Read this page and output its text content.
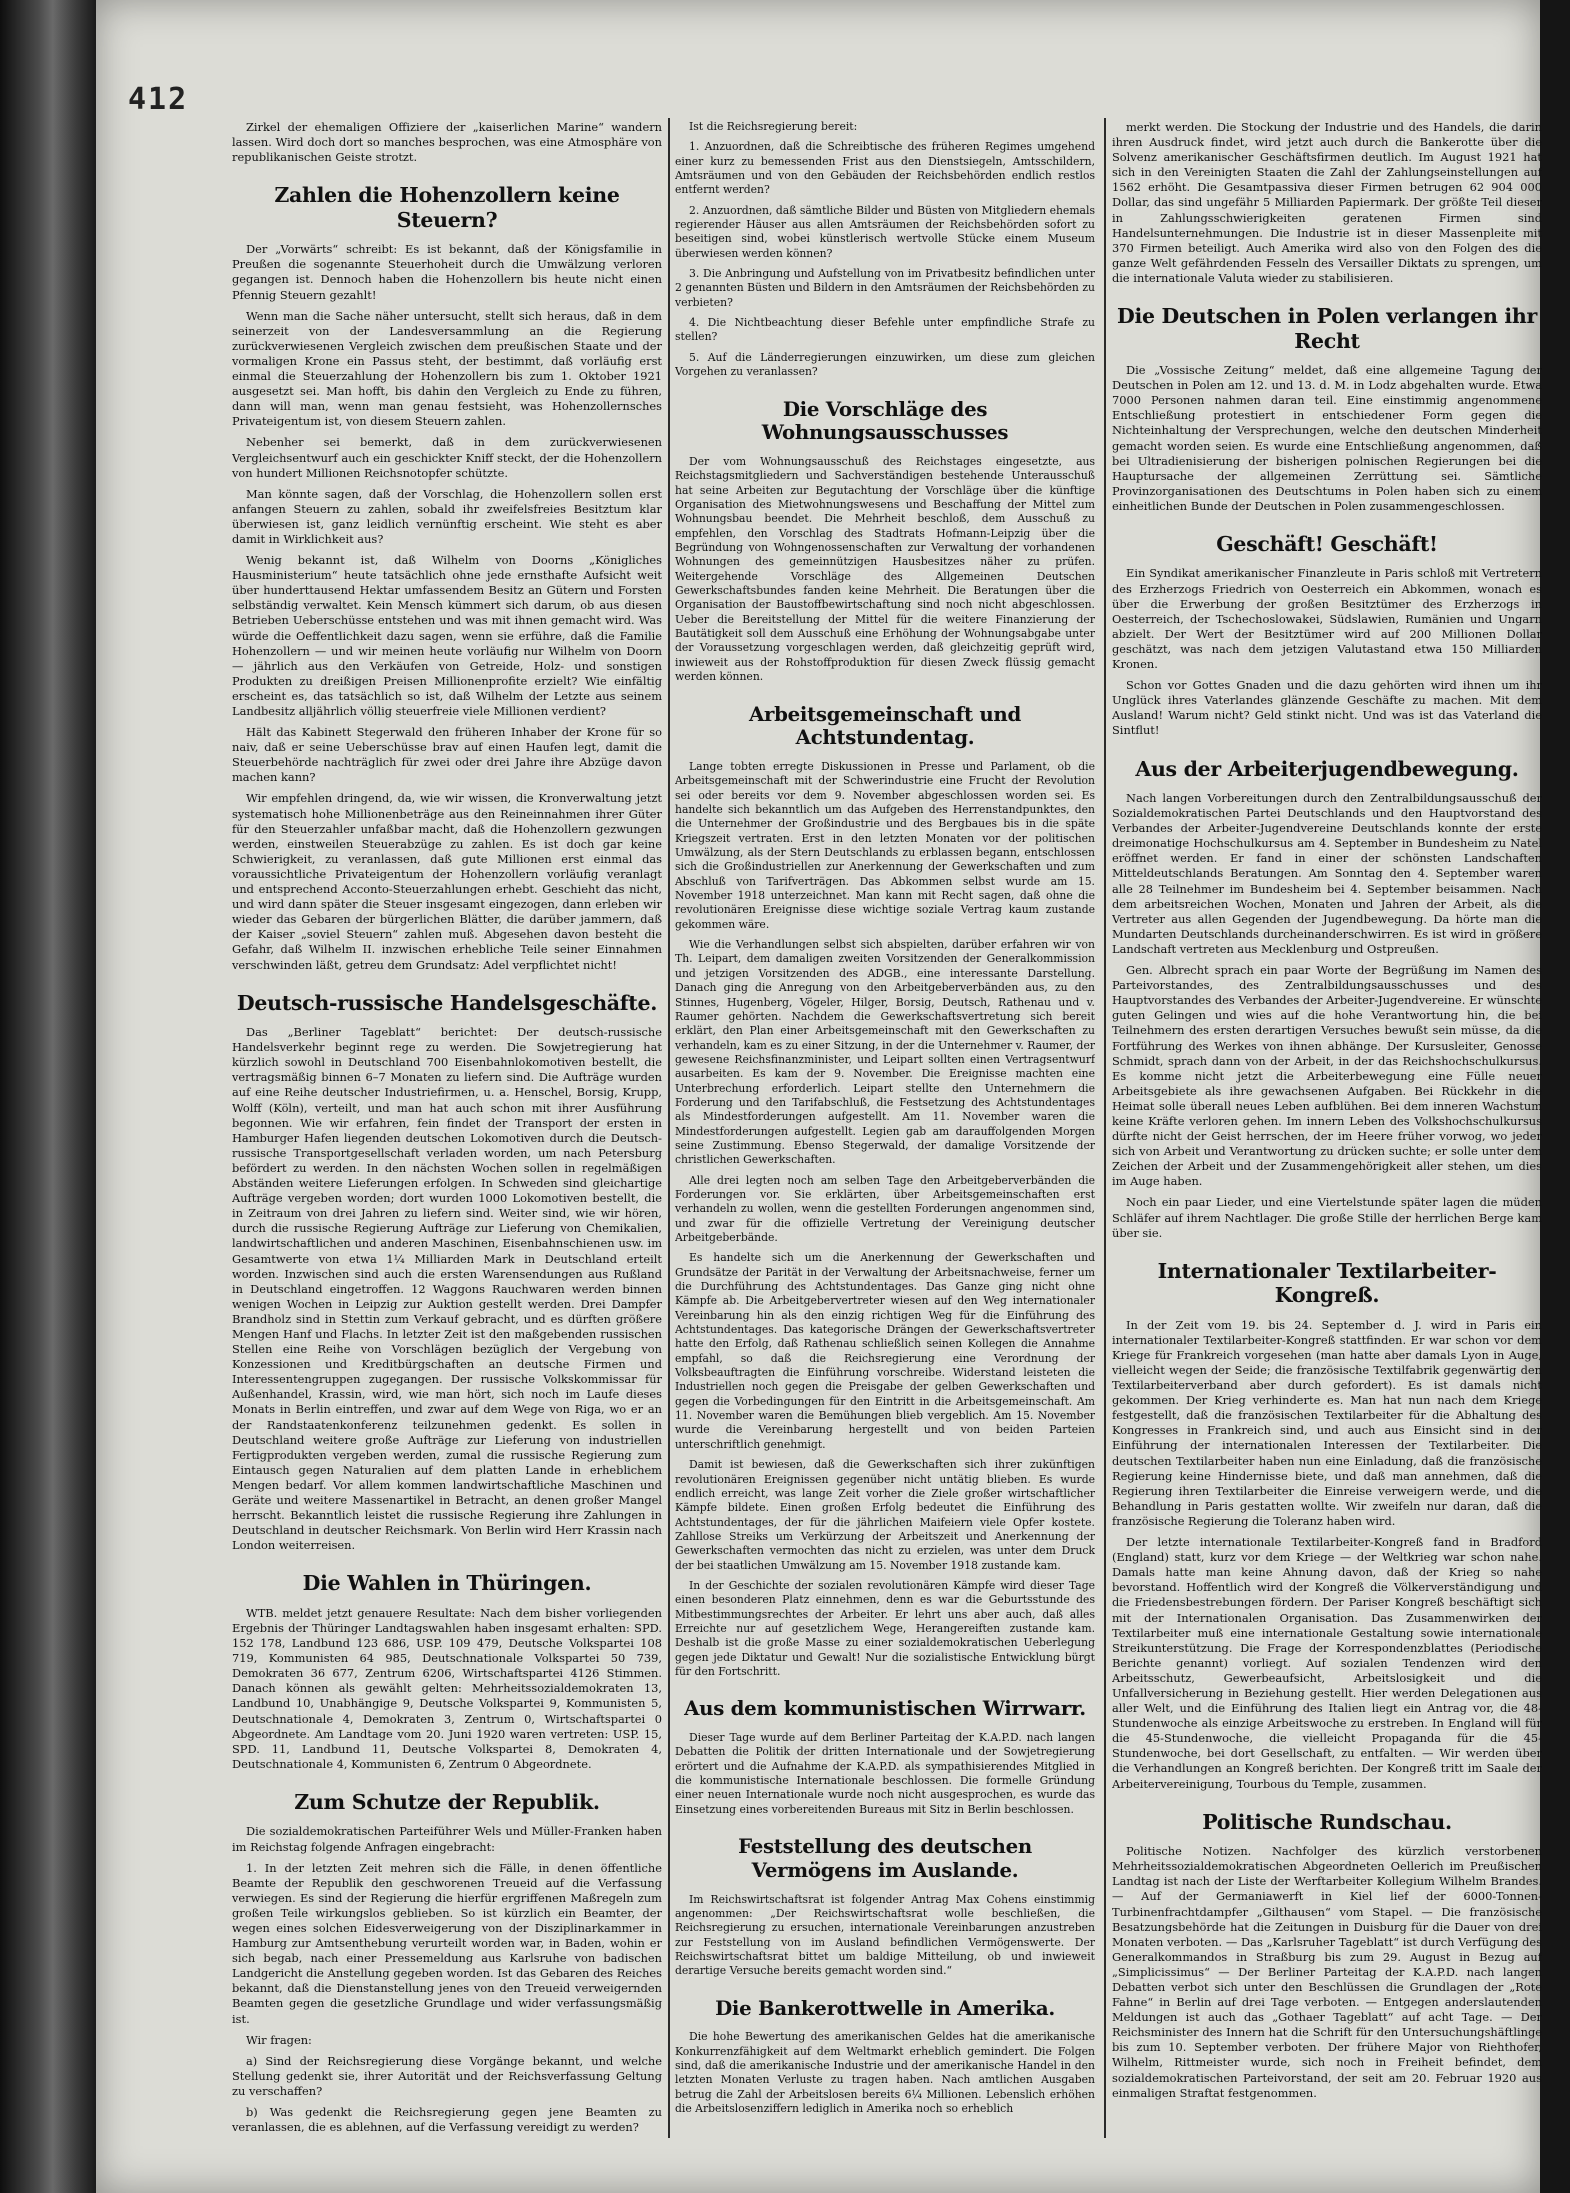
412
Zirkel der ehemaligen Offiziere der „kaiserlichen Marine“ wandern lassen. Wird doch dort so manches besprochen, was eine Atmosphäre von republikanischen Geiste strotzt.
Zahlen die Hohenzollern keine Steuern?
Der „Vorwärts“ schreibt: Es ist bekannt, daß der Königsfamilie in Preußen die sogenannte Steuerhoheit durch die Umwälzung verloren gegangen ist. Dennoch haben die Hohenzollern bis heute nicht einen Pfennig Steuern gezahlt!
Wenn man die Sache näher untersucht, stellt sich heraus, daß in dem seinerzeit von der Landesversammlung an die Regierung zurückverwiesenen Vergleich zwischen dem preußischen Staate und der vormaligen Krone ein Passus steht, der bestimmt, daß vorläufig erst einmal die Steuerzahlung der Hohenzollern bis zum 1. Oktober 1921 ausgesetzt sei. Man hofft, bis dahin den Vergleich zu Ende zu führen, dann will man, wenn man genau festsieht, was Hohenzollernsches Privateigentum ist, von diesem Steuern zahlen.
Nebenher sei bemerkt, daß in dem zurückverwiesenen Vergleichsentwurf auch ein geschickter Kniff steckt, der die Hohenzollern von hundert Millionen Reichsnotopfer schützte.
Man könnte sagen, daß der Vorschlag, die Hohenzollern sollen erst anfangen Steuern zu zahlen, sobald ihr zweifelsfreies Besitztum klar überwiesen ist, ganz leidlich vernünftig erscheint. Wie steht es aber damit in Wirklichkeit aus?
Wenig bekannt ist, daß Wilhelm von Doorns „Königliches Hausministerium“ heute tatsächlich ohne jede ernsthafte Aufsicht weit über hunderttausend Hektar umfassendem Besitz an Gütern und Forsten selbständig verwaltet. Kein Mensch kümmert sich darum, ob aus diesen Betrieben Ueberschüsse entstehen und was mit ihnen gemacht wird. Was würde die Oeffentlichkeit dazu sagen, wenn sie erführe, daß die Familie Hohenzollern — und wir meinen heute vorläufig nur Wilhelm von Doorn — jährlich aus den Verkäufen von Getreide, Holz- und sonstigen Produkten zu dreißigen Preisen Millionenprofite erzielt? Wie einfältig erscheint es, das tatsächlich so ist, daß Wilhelm der Letzte aus seinem Landbesitz alljährlich völlig steuerfreie viele Millionen verdient?
Hält das Kabinett Stegerwald den früheren Inhaber der Krone für so naiv, daß er seine Ueberschüsse brav auf einen Haufen legt, damit die Steuerbehörde nachträglich für zwei oder drei Jahre ihre Abzüge davon machen kann?
Wir empfehlen dringend, da, wie wir wissen, die Kronverwaltung jetzt systematisch hohe Millionenbeträge aus den Reineinnahmen ihrer Güter für den Steuerzahler unfaßbar macht, daß die Hohenzollern gezwungen werden, einstweilen Steuerabzüge zu zahlen. Es ist doch gar keine Schwierigkeit, zu veranlassen, daß gute Millionen erst einmal das voraussichtliche Privateigentum der Hohenzollern vorläufig veranlagt und entsprechend Acconto-Steuerzahlungen erhebt. Geschieht das nicht, und wird dann später die Steuer insgesamt eingezogen, dann erleben wir wieder das Gebaren der bürgerlichen Blätter, die darüber jammern, daß der Kaiser „soviel Steuern“ zahlen muß. Abgesehen davon besteht die Gefahr, daß Wilhelm II. inzwischen erhebliche Teile seiner Einnahmen verschwinden läßt, getreu dem Grundsatz: Adel verpflichtet nicht!
Deutsch-russische Handelsgeschäfte.
Das „Berliner Tageblatt“ berichtet: Der deutsch-russische Handelsverkehr beginnt rege zu werden. Die Sowjetregierung hat kürzlich sowohl in Deutschland 700 Eisenbahnlokomotiven bestellt, die vertragsmäßig binnen 6–7 Monaten zu liefern sind. Die Aufträge wurden auf eine Reihe deutscher Industriefirmen, u. a. Henschel, Borsig, Krupp, Wolff (Köln), verteilt, und man hat auch schon mit ihrer Ausführung begonnen. Wie wir erfahren, fein findet der Transport der ersten in Hamburger Hafen liegenden deutschen Lokomotiven durch die Deutsch-russische Transportgesellschaft verladen worden, um nach Petersburg befördert zu werden. In den nächsten Wochen sollen in regelmäßigen Abständen weitere Lieferungen erfolgen. In Schweden sind gleichartige Aufträge vergeben worden; dort wurden 1000 Lokomotiven bestellt, die in Zeitraum von drei Jahren zu liefern sind. Weiter sind, wie wir hören, durch die russische Regierung Aufträge zur Lieferung von Chemikalien, landwirtschaftlichen und anderen Maschinen, Eisenbahnschienen usw. im Gesamtwerte von etwa 1¼ Milliarden Mark in Deutschland erteilt worden. Inzwischen sind auch die ersten Warensendungen aus Rußland in Deutschland eingetroffen. 12 Waggons Rauchwaren werden binnen wenigen Wochen in Leipzig zur Auktion gestellt werden. Drei Dampfer Brandholz sind in Stettin zum Verkauf gebracht, und es dürften größere Mengen Hanf und Flachs. In letzter Zeit ist den maßgebenden russischen Stellen eine Reihe von Vorschlägen bezüglich der Vergebung von Konzessionen und Kreditbürgschaften an deutsche Firmen und Interessentengruppen zugegangen. Der russische Volkskommissar für Außenhandel, Krassin, wird, wie man hört, sich noch im Laufe dieses Monats in Berlin eintreffen, und zwar auf dem Wege von Riga, wo er an der Randstaatenkonferenz teilzunehmen gedenkt. Es sollen in Deutschland weitere große Aufträge zur Lieferung von industriellen Fertigprodukten vergeben werden, zumal die russische Regierung zum Eintausch gegen Naturalien auf dem platten Lande in erheblichem Mengen bedarf. Vor allem kommen landwirtschaftliche Maschinen und Geräte und weitere Massenartikel in Betracht, an denen großer Mangel herrscht. Bekanntlich leistet die russische Regierung ihre Zahlungen in Deutschland in deutscher Reichsmark. Von Berlin wird Herr Krassin nach London weiterreisen.
Die Wahlen in Thüringen.
WTB. meldet jetzt genauere Resultate: Nach dem bisher vorliegenden Ergebnis der Thüringer Landtagswahlen haben insgesamt erhalten: SPD. 152 178, Landbund 123 686, USP. 109 479, Deutsche Volkspartei 108 719, Kommunisten 64 985, Deutschnationale Volkspartei 50 739, Demokraten 36 677, Zentrum 6206, Wirtschaftspartei 4126 Stimmen. Danach können als gewählt gelten: Mehrheitssozialdemokraten 13, Landbund 10, Unabhängige 9, Deutsche Volkspartei 9, Kommunisten 5, Deutschnationale 4, Demokraten 3, Zentrum 0, Wirtschaftspartei 0 Abgeordnete. Am Landtage vom 20. Juni 1920 waren vertreten: USP. 15, SPD. 11, Landbund 11, Deutsche Volkspartei 8, Demokraten 4, Deutschnationale 4, Kommunisten 6, Zentrum 0 Abgeordnete.
Zum Schutze der Republik.
Die sozialdemokratischen Parteiführer Wels und Müller-Franken haben im Reichstag folgende Anfragen eingebracht:
1. In der letzten Zeit mehren sich die Fälle, in denen öffentliche Beamte der Republik den geschworenen Treueid auf die Verfassung verwiegen. Es sind der Regierung die hierfür ergriffenen Maßregeln zum großen Teile wirkungslos geblieben. So ist kürzlich ein Beamter, der wegen eines solchen Eidesverweigerung von der Disziplinarkammer in Hamburg zur Amtsenthebung verurteilt worden war, in Baden, wohin er sich begab, nach einer Pressemeldung aus Karlsruhe von badischen Landgericht die Anstellung gegeben worden. Ist das Gebaren des Reiches bekannt, daß die Dienstanstellung jenes von den Treueid verweigernden Beamten gegen die gesetzliche Grundlage und wider verfassungsmäßig ist.
Wir fragen:
a) Sind der Reichsregierung diese Vorgänge bekannt, und welche Stellung gedenkt sie, ihrer Autorität und der Reichsverfassung Geltung zu verschaffen?
b) Was gedenkt die Reichsregierung gegen jene Beamten zu veranlassen, die es ablehnen, auf die Verfassung vereidigt zu werden?
Ist die Reichsregierung bereit:
1. Anzuordnen, daß die Schreibtische des früheren Regimes umgehend einer kurz zu bemessenden Frist aus den Dienstsiegeln, Amtsschildern, Amtsräumen und von den Gebäuden der Reichsbehörden endlich restlos entfernt werden?
2. Anzuordnen, daß sämtliche Bilder und Büsten von Mitgliedern ehemals regierender Häuser aus allen Amtsräumen der Reichsbehörden sofort zu beseitigen sind, wobei künstlerisch wertvolle Stücke einem Museum überwiesen werden können?
3. Die Anbringung und Aufstellung von im Privatbesitz befindlichen unter 2 genannten Büsten und Bildern in den Amtsräumen der Reichsbehörden zu verbieten?
4. Die Nichtbeachtung dieser Befehle unter empfindliche Strafe zu stellen?
5. Auf die Länderregierungen einzuwirken, um diese zum gleichen Vorgehen zu veranlassen?
Die Vorschläge des Wohnungsausschusses
Der vom Wohnungsausschuß des Reichstages eingesetzte, aus Reichstagsmitgliedern und Sachverständigen bestehende Unterausschuß hat seine Arbeiten zur Begutachtung der Vorschläge über die künftige Organisation des Mietwohnungswesens und Beschaffung der Mittel zum Wohnungsbau beendet. Die Mehrheit beschloß, dem Ausschuß zu empfehlen, den Vorschlag des Stadtrats Hofmann-Leipzig über die Begründung von Wohngenossenschaften zur Verwaltung der vorhandenen Wohnungen des gemeinnützigen Hausbesitzes näher zu prüfen. Weitergehende Vorschläge des Allgemeinen Deutschen Gewerkschaftsbundes fanden keine Mehrheit. Die Beratungen über die Organisation der Baustoffbewirtschaftung sind noch nicht abgeschlossen. Ueber die Bereitstellung der Mittel für die weitere Finanzierung der Bautätigkeit soll dem Ausschuß eine Erhöhung der Wohnungsabgabe unter der Voraussetzung vorgeschlagen werden, daß gleichzeitig geprüft wird, inwieweit aus der Rohstoffproduktion für diesen Zweck flüssig gemacht werden können.
Arbeitsgemeinschaft und Achtstundentag.
Lange tobten erregte Diskussionen in Presse und Parlament, ob die Arbeitsgemeinschaft mit der Schwerindustrie eine Frucht der Revolution sei oder bereits vor dem 9. November abgeschlossen worden sei. Es handelte sich bekanntlich um das Aufgeben des Herrenstandpunktes, den die Unternehmer der Großindustrie und des Bergbaues bis in die späte Kriegszeit vertraten. Erst in den letzten Monaten vor der politischen Umwälzung, als der Stern Deutschlands zu erblassen begann, entschlossen sich die Großindustriellen zur Anerkennung der Gewerkschaften und zum Abschluß von Tarifverträgen. Das Abkommen selbst wurde am 15. November 1918 unterzeichnet. Man kann mit Recht sagen, daß ohne die revolutionären Ereignisse diese wichtige soziale Vertrag kaum zustande gekommen wäre.
Wie die Verhandlungen selbst sich abspielten, darüber erfahren wir von Th. Leipart, dem damaligen zweiten Vorsitzenden der Generalkommission und jetzigen Vorsitzenden des ADGB., eine interessante Darstellung. Danach ging die Anregung von den Arbeitgeberverbänden aus, zu den Stinnes, Hugenberg, Vögeler, Hilger, Borsig, Deutsch, Rathenau und v. Raumer gehörten. Nachdem die Gewerkschaftsvertretung sich bereit erklärt, den Plan einer Arbeitsgemeinschaft mit den Gewerkschaften zu verhandeln, kam es zu einer Sitzung, in der die Unternehmer v. Raumer, der gewesene Reichsfinanzminister, und Leipart sollten einen Vertragsentwurf ausarbeiten. Es kam der 9. November. Die Ereignisse machten eine Unterbrechung erforderlich. Leipart stellte den Unternehmern die Forderung und den Tarifabschluß, die Festsetzung des Achtstundentages als Mindestforderungen aufgestellt. Am 11. November waren die Mindestforderungen aufgestellt. Legien gab am darauffolgenden Morgen seine Zustimmung. Ebenso Stegerwald, der damalige Vorsitzende der christlichen Gewerkschaften.
Alle drei legten noch am selben Tage den Arbeitgeberverbänden die Forderungen vor. Sie erklärten, über Arbeitsgemeinschaften erst verhandeln zu wollen, wenn die gestellten Forderungen angenommen sind, und zwar für die offizielle Vertretung der Vereinigung deutscher Arbeitgeberbände.
Es handelte sich um die Anerkennung der Gewerkschaften und Grundsätze der Parität in der Verwaltung der Arbeitsnachweise, ferner um die Durchführung des Achtstundentages. Das Ganze ging nicht ohne Kämpfe ab. Die Arbeitgebervertreter wiesen auf den Weg internationaler Vereinbarung hin als den einzig richtigen Weg für die Einführung des Achtstundentages. Das kategorische Drängen der Gewerkschaftsvertreter hatte den Erfolg, daß Rathenau schließlich seinen Kollegen die Annahme empfahl, so daß die Reichsregierung eine Verordnung der Volksbeauftragten die Einführung vorschreibe. Widerstand leisteten die Industriellen noch gegen die Preisgabe der gelben Gewerkschaften und gegen die Vorbedingungen für den Eintritt in die Arbeitsgemeinschaft. Am 11. November waren die Bemühungen blieb vergeblich. Am 15. November wurde die Vereinbarung hergestellt und von beiden Parteien unterschriftlich genehmigt.
Damit ist bewiesen, daß die Gewerkschaften sich ihrer zukünftigen revolutionären Ereignissen gegenüber nicht untätig blieben. Es wurde endlich erreicht, was lange Zeit vorher die Ziele großer wirtschaftlicher Kämpfe bildete. Einen großen Erfolg bedeutet die Einführung des Achtstundentages, der für die jährlichen Maifeiern viele Opfer kostete. Zahllose Streiks um Verkürzung der Arbeitszeit und Anerkennung der Gewerkschaften vermochten das nicht zu erzielen, was unter dem Druck der bei staatlichen Umwälzung am 15. November 1918 zustande kam.
In der Geschichte der sozialen revolutionären Kämpfe wird dieser Tage einen besonderen Platz einnehmen, denn es war die Geburtsstunde des Mitbestimmungsrechtes der Arbeiter. Er lehrt uns aber auch, daß alles Erreichte nur auf gesetzlichem Wege, Herangereiften zustande kam. Deshalb ist die große Masse zu einer sozialdemokratischen Ueberlegung gegen jede Diktatur und Gewalt! Nur die sozialistische Entwicklung bürgt für den Fortschritt.
Aus dem kommunistischen Wirrwarr.
Dieser Tage wurde auf dem Berliner Parteitag der K.A.P.D. nach langen Debatten die Politik der dritten Internationale und der Sowjetregierung erörtert und die Aufnahme der K.A.P.D. als sympathisierendes Mitglied in die kommunistische Internationale beschlossen. Die formelle Gründung einer neuen Internationale wurde noch nicht ausgesprochen, es wurde das Einsetzung eines vorbereitenden Bureaus mit Sitz in Berlin beschlossen.
Feststellung des deutschen Vermögens im Auslande.
Im Reichswirtschaftsrat ist folgender Antrag Max Cohens einstimmig angenommen: „Der Reichswirtschaftsrat wolle beschließen, die Reichsregierung zu ersuchen, internationale Vereinbarungen anzustreben zur Feststellung von im Ausland befindlichen Vermögenswerte. Der Reichswirtschaftsrat bittet um baldige Mitteilung, ob und inwieweit derartige Versuche bereits gemacht worden sind.“
Die Bankerottwelle in Amerika.
Die hohe Bewertung des amerikanischen Geldes hat die amerikanische Konkurrenzfähigkeit auf dem Weltmarkt erheblich gemindert. Die Folgen sind, daß die amerikanische Industrie und der amerikanische Handel in den letzten Monaten Verluste zu tragen haben. Nach amtlichen Ausgaben betrug die Zahl der Arbeitslosen bereits 6¼ Millionen. Lebenslich erhöhen die Arbeitslosenziffern lediglich in Amerika noch so erheblich
merkt werden. Die Stockung der Industrie und des Handels, die darin ihren Ausdruck findet, wird jetzt auch durch die Bankerotte über die Solvenz amerikanischer Geschäftsfirmen deutlich. Im August 1921 hat sich in den Vereinigten Staaten die Zahl der Zahlungseinstellungen auf 1562 erhöht. Die Gesamtpassiva dieser Firmen betrugen 62 904 000 Dollar, das sind ungefähr 5 Milliarden Papiermark. Der größte Teil dieser in Zahlungsschwierigkeiten geratenen Firmen sind Handelsunternehmungen. Die Industrie ist in dieser Massenpleite mit 370 Firmen beteiligt. Auch Amerika wird also von den Folgen des die ganze Welt gefährdenden Fesseln des Versailler Diktats zu sprengen, um die internationale Valuta wieder zu stabilisieren.
Die Deutschen in Polen verlangen ihr Recht
Die „Vossische Zeitung“ meldet, daß eine allgemeine Tagung der Deutschen in Polen am 12. und 13. d. M. in Lodz abgehalten wurde. Etwa 7000 Personen nahmen daran teil. Eine einstimmig angenommene Entschließung protestiert in entschiedener Form gegen die Nichteinhaltung der Versprechungen, welche den deutschen Minderheit gemacht worden seien. Es wurde eine Entschließung angenommen, daß bei Ultradienisierung der bisherigen polnischen Regierungen bei die Hauptursache der allgemeinen Zerrüttung sei. Sämtliche Provinzorganisationen des Deutschtums in Polen haben sich zu einem einheitlichen Bunde der Deutschen in Polen zusammengeschlossen.
Geschäft! Geschäft!
Ein Syndikat amerikanischer Finanzleute in Paris schloß mit Vertretern des Erzherzogs Friedrich von Oesterreich ein Abkommen, wonach es über die Erwerbung der großen Besitztümer des Erzherzogs in Oesterreich, der Tschechoslowakei, Südslawien, Rumänien und Ungarn abzielt. Der Wert der Besitztümer wird auf 200 Millionen Dollar geschätzt, was nach dem jetzigen Valutastand etwa 150 Milliarden Kronen.
Schon vor Gottes Gnaden und die dazu gehörten wird ihnen um ihr Unglück ihres Vaterlandes glänzende Geschäfte zu machen. Mit dem Ausland! Warum nicht? Geld stinkt nicht. Und was ist das Vaterland die Sintflut!
Aus der Arbeiterjugendbewegung.
Nach langen Vorbereitungen durch den Zentralbildungsausschuß der Sozialdemokratischen Partei Deutschlands und den Hauptvorstand des Verbandes der Arbeiter-Jugendvereine Deutschlands konnte der erste dreimonatige Hochschulkursus am 4. September in Bundesheim zu Natel eröffnet werden. Er fand in einer der schönsten Landschaften Mitteldeutschlands Beratungen. Am Sonntag den 4. September waren alle 28 Teilnehmer im Bundesheim bei 4. September beisammen. Nach dem arbeitsreichen Wochen, Monaten und Jahren der Arbeit, als die Vertreter aus allen Gegenden der Jugendbewegung. Da hörte man die Mundarten Deutschlands durcheinanderschwirren. Es ist wird in größere Landschaft vertreten aus Mecklenburg und Ostpreußen.
Gen. Albrecht sprach ein paar Worte der Begrüßung im Namen des Parteivorstandes, des Zentralbildungsausschusses und des Hauptvorstandes des Verbandes der Arbeiter-Jugendvereine. Er wünschte guten Gelingen und wies auf die hohe Verantwortung hin, die bei Teilnehmern des ersten derartigen Versuches bewußt sein müsse, da die Fortführung des Werkes von ihnen abhänge. Der Kursusleiter, Genosse Schmidt, sprach dann von der Arbeit, in der das Reichshochschulkursus. Es komme nicht jetzt die Arbeiterbewegung eine Fülle neuer Arbeitsgebiete als ihre gewachsenen Aufgaben. Bei Rückkehr in die Heimat solle überall neues Leben aufblühen. Bei dem inneren Wachstum keine Kräfte verloren gehen. Im innern Leben des Volkshochschulkursus dürfte nicht der Geist herrschen, der im Heere früher vorwog, wo jeder sich von Arbeit und Verantwortung zu drücken suchte; er solle unter dem Zeichen der Arbeit und der Zusammengehörigkeit aller stehen, um dies im Auge haben.
Noch ein paar Lieder, und eine Viertelstunde später lagen die müden Schläfer auf ihrem Nachtlager. Die große Stille der herrlichen Berge kam über sie.
Internationaler Textilarbeiter-Kongreß.
In der Zeit vom 19. bis 24. September d. J. wird in Paris ein internationaler Textilarbeiter-Kongreß stattfinden. Er war schon vor dem Kriege für Frankreich vorgesehen (man hatte aber damals Lyon in Auge, vielleicht wegen der Seide; die französische Textilfabrik gegenwärtig den Textilarbeiterverband aber durch gefordert). Es ist damals nicht gekommen. Der Krieg verhinderte es. Man hat nun nach dem Kriege festgestellt, daß die französischen Textilarbeiter für die Abhaltung des Kongresses in Frankreich sind, und auch aus Einsicht sind in der Einführung der internationalen Interessen der Textilarbeiter. Die deutschen Textilarbeiter haben nun eine Einladung, daß die französische Regierung keine Hindernisse biete, und daß man annehmen, daß die Regierung ihren Textilarbeiter die Einreise verweigern werde, und die Behandlung in Paris gestatten wollte. Wir zweifeln nur daran, daß die französische Regierung die Toleranz haben wird.
Der letzte internationale Textilarbeiter-Kongreß fand in Bradford (England) statt, kurz vor dem Kriege — der Weltkrieg war schon nahe. Damals hatte man keine Ahnung davon, daß der Krieg so nahe bevorstand. Hoffentlich wird der Kongreß die Völkerverständigung und die Friedensbestrebungen fördern. Der Pariser Kongreß beschäftigt sich mit der Internationalen Organisation. Das Zusammenwirken der Textilarbeiter muß eine internationale Gestaltung sowie internationale Streikunterstützung. Die Frage der Korrespondenzblattes (Periodische Berichte genannt) vorliegt. Auf sozialen Tendenzen wird den Arbeitsschutz, Gewerbeaufsicht, Arbeitslosigkeit und die Unfallversicherung in Beziehung gestellt. Hier werden Delegationen aus aller Welt, und die Einführung des Italien liegt ein Antrag vor, die 48-Stundenwoche als einzige Arbeitswoche zu erstreben. In England will für die 45-Stundenwoche, die vielleicht Propaganda für die 45-Stundenwoche, bei dort Gesellschaft, zu entfalten. — Wir werden über die Verhandlungen an Kongreß berichten. Der Kongreß tritt im Saale der Arbeitervereinigung, Tourbous du Temple, zusammen.
Politische Rundschau.
Politische Notizen. Nachfolger des kürzlich verstorbenen Mehrheitssozialdemokratischen Abgeordneten Oellerich im Preußischen Landtag ist nach der Liste der Werftarbeiter Kollegium Wilhelm Brandes. — Auf der Germaniawerft in Kiel lief der 6000-Tonnen-Turbinenfrachtdampfer „Gilthausen“ vom Stapel. — Die französische Besatzungsbehörde hat die Zeitungen in Duisburg für die Dauer von drei Monaten verboten. — Das „Karlsruher Tageblatt“ ist durch Verfügung des Generalkommandos in Straßburg bis zum 29. August in Bezug auf „Simplicissimus“ — Der Berliner Parteitag der K.A.P.D. nach langen Debatten verbot sich unter den Beschlüssen die Grundlagen der „Rote Fahne“ in Berlin auf drei Tage verboten. — Entgegen anderslautenden Meldungen ist auch das „Gothaer Tageblatt“ auf acht Tage. — Der Reichsminister des Innern hat die Schrift für den Untersuchungshäftlinge bis zum 10. September verboten. Der frühere Major von Riehthofer, Wilhelm, Rittmeister wurde, sich noch in Freiheit befindet, dem sozialdemokratischen Parteivorstand, der seit am 20. Februar 1920 aus einmaligen Straftat festgenommen.
